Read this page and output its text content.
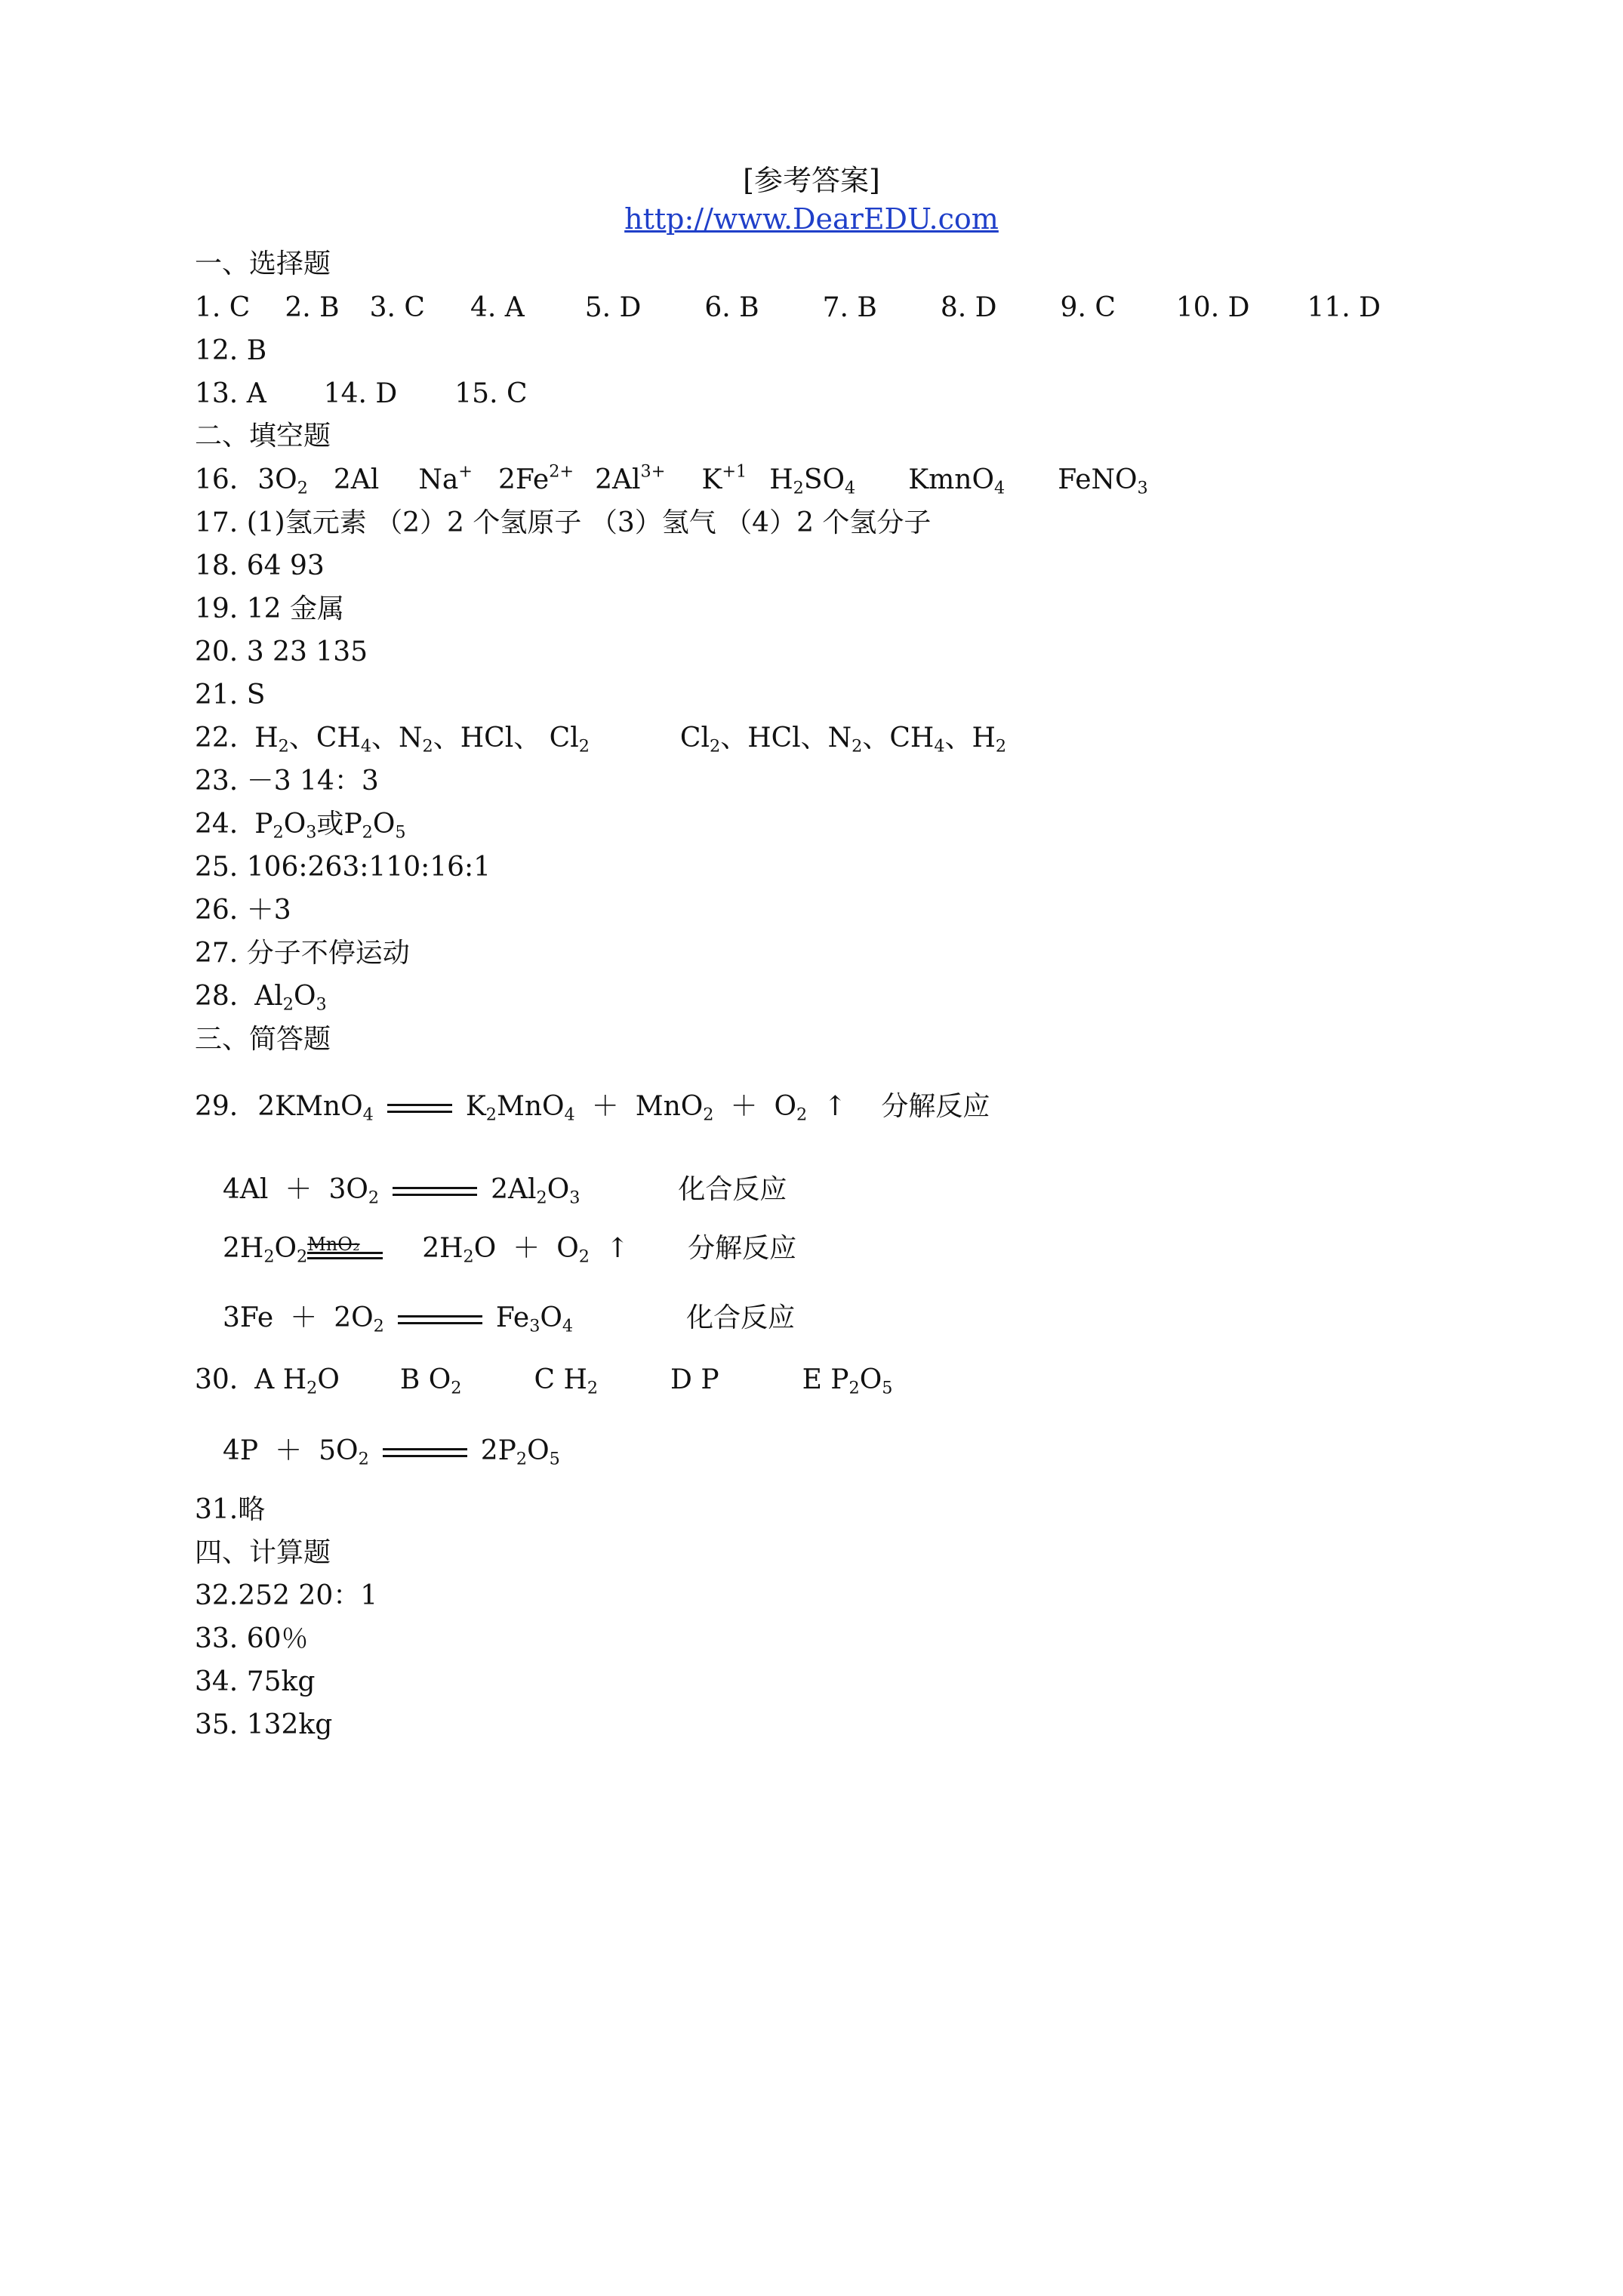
[参考答案]
http://www.DearEDU.com
一、选择题
1. C 2. B 3. C 4. A 5. D 6. B 7. B 8. D 9. C 10. D 11. D
12. B
13. A 14. D 15. C
二、填空题
16. $3O_2$ 2Al Na+ $2Fe^{2+}$ $2Al^{3+}$ $K^{+1}$ $H_2SO_4$ KmnO$_4$ FeNO$_3$
17. (1)氢元素 （2）2 个氢原子 （3）氢气 （4）2 个氢分子
18. 64 93
19. 12 金属
20. 3 23 135
21. S
22. $H_2$、$CH_4$、$N_2$、HCl、 $Cl_2$	$Cl_2$、HCl、$N_2$、$CH_4$、$H_2$
23. －3 14：3
24. $P_2O_3$或$P_2O_5$
25. 106:263:110:16:1
26. ＋3
27. 分子不停运动
28. $Al_2O_3$
三、简答题
29. 2KMnO$_4$	$K_2MnO_4 + MnO_2 + O_2$ ↑ 分解反应
$4Al + 3O_2$	$2Al_2O_3$	化合反应
$2H_2O_2$
MnO₂ $2H_2O + O_2$ ↑ 分解反应
$3Fe + 2O_2$	$Fe_3O_4$	化合反应
30. A $H_2O$ B $O_2$	C $H_2$	D P	E $P_2O_5$
$4P + 5O_2$	$2P_2O_5$
31.略
四、计算题
32.252 20：1
33. 60％
34. 75kg
35. 132kg
